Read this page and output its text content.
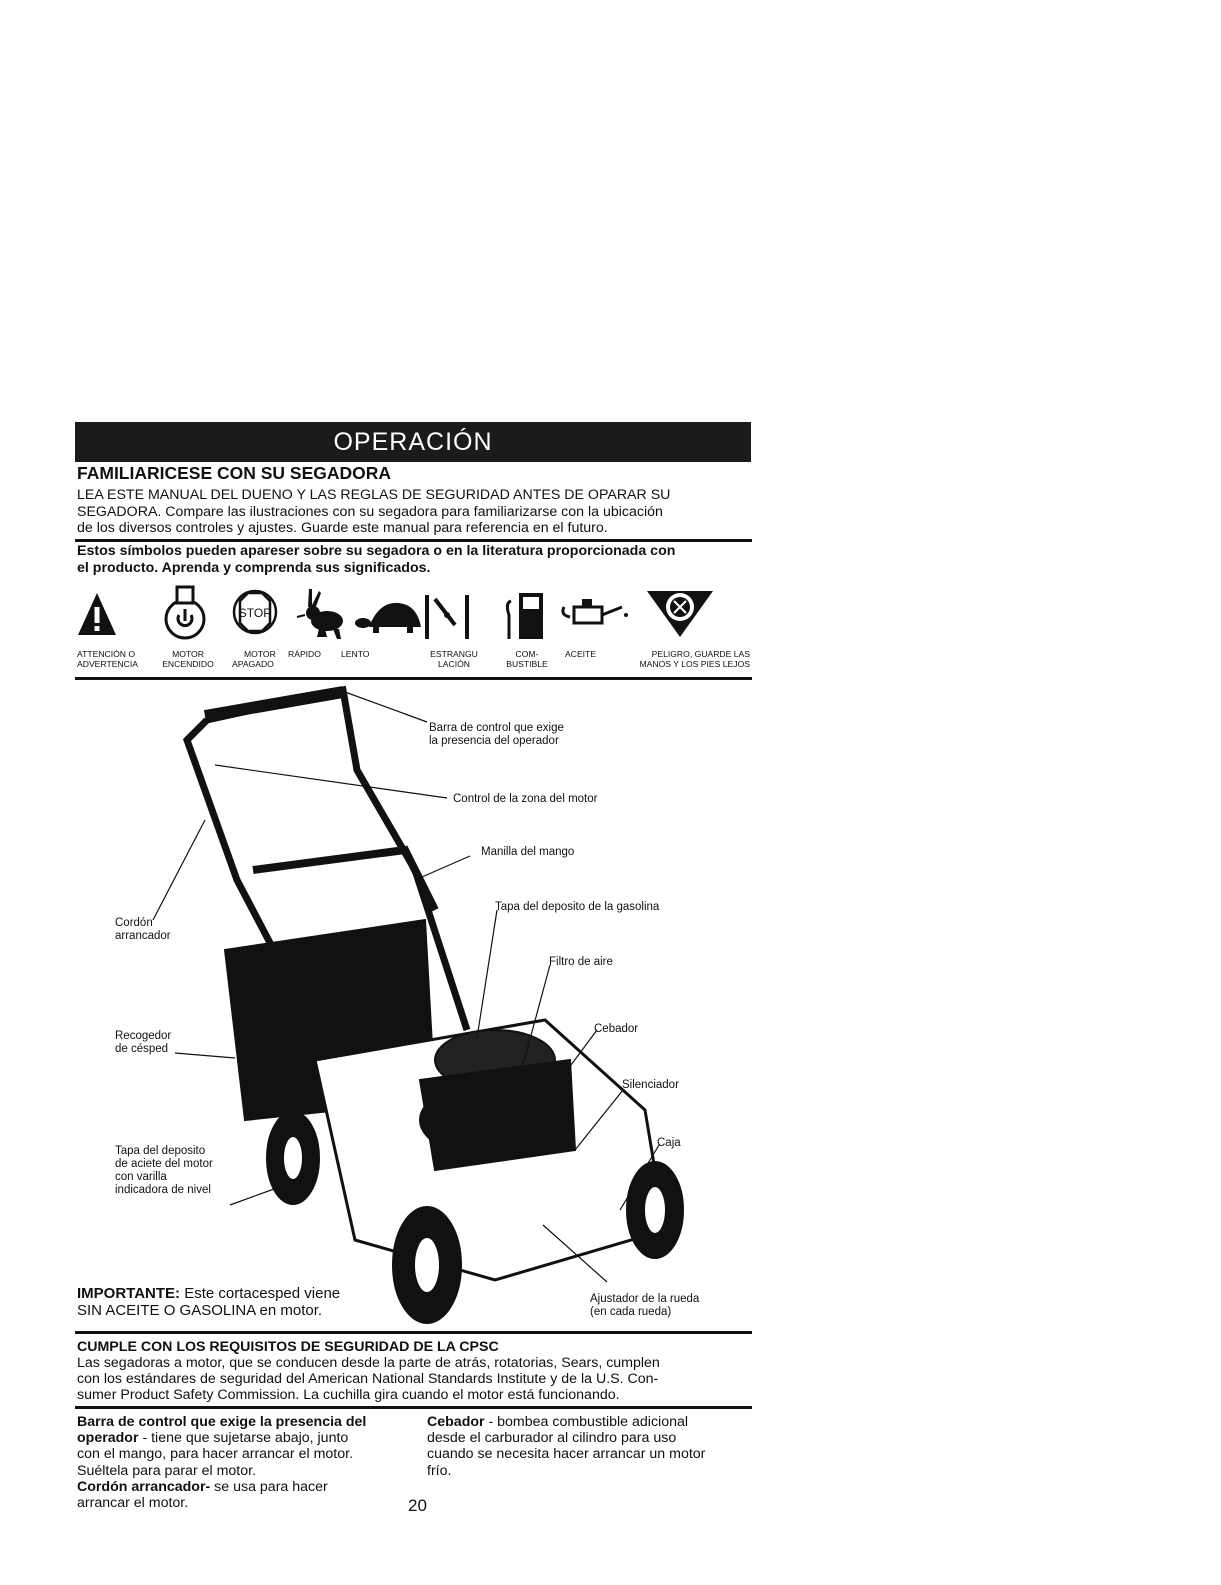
OPERACIÓN
FAMILIARICESE CON SU SEGADORA
LEA ESTE MANUAL DEL DUENO Y LAS REGLAS DE SEGURIDAD ANTES DE OPARAR SU
SEGADORA. Compare las ilustraciones con su segadora para familiarizarse con la ubicación
de los diversos controles y ajustes. Guarde este manual para referencia en el futuro.
Estos símbolos pueden apareser sobre su segadora o en la literatura proporcionada con
el producto. Aprenda y comprenda sus significados.
STOP
ATTENCIÓN O
ADVERTENCIA
MOTOR
ENCENDIDO
MOTOR
APAGADO
RÁPIDO LENTO	ESTRANGU
LACIÓN
COM-
BUSTIBLE
ACEITE	PELIGRO, GUARDE LAS
MANOS Y LOS PIES LEJOS
Barra de control que exige
la presencia del operador
Control de la zona del motor
Manilla del mango
Tapa del deposito de la gasolina
Filtro de aire
Cebador
Silenciador
Caja
Ajustador de la rueda
(en cada rueda)
Cordón
arrancador
Recogedor
de césped
Tapa del deposito
de aciete del motor
con varilla
indicadora de nivel
IMPORTANTE: Este cortacesped viene
SIN ACEITE O GASOLINA en motor.
CUMPLE CON LOS REQUISITOS DE SEGURIDAD DE LA CPSC
Las segadoras a motor, que se conducen desde la parte de atrás, rotatorias, Sears, cumplen
con los estándares de seguridad del American National Standards Institute y de la U.S. Con-
sumer Product Safety Commission. La cuchilla gira cuando el motor está funcionando.
Barra de control que exige la presencia del
operador - tiene que sujetarse abajo, junto
con el mango, para hacer arrancar el motor.
Suéltela para parar el motor.
Cordón arrancador- se usa para hacer
arrancar el motor.
Cebador - bombea combustible adicional
desde el carburador al cilindro para uso
cuando se necesita hacer arrancar un motor
frío.
20
